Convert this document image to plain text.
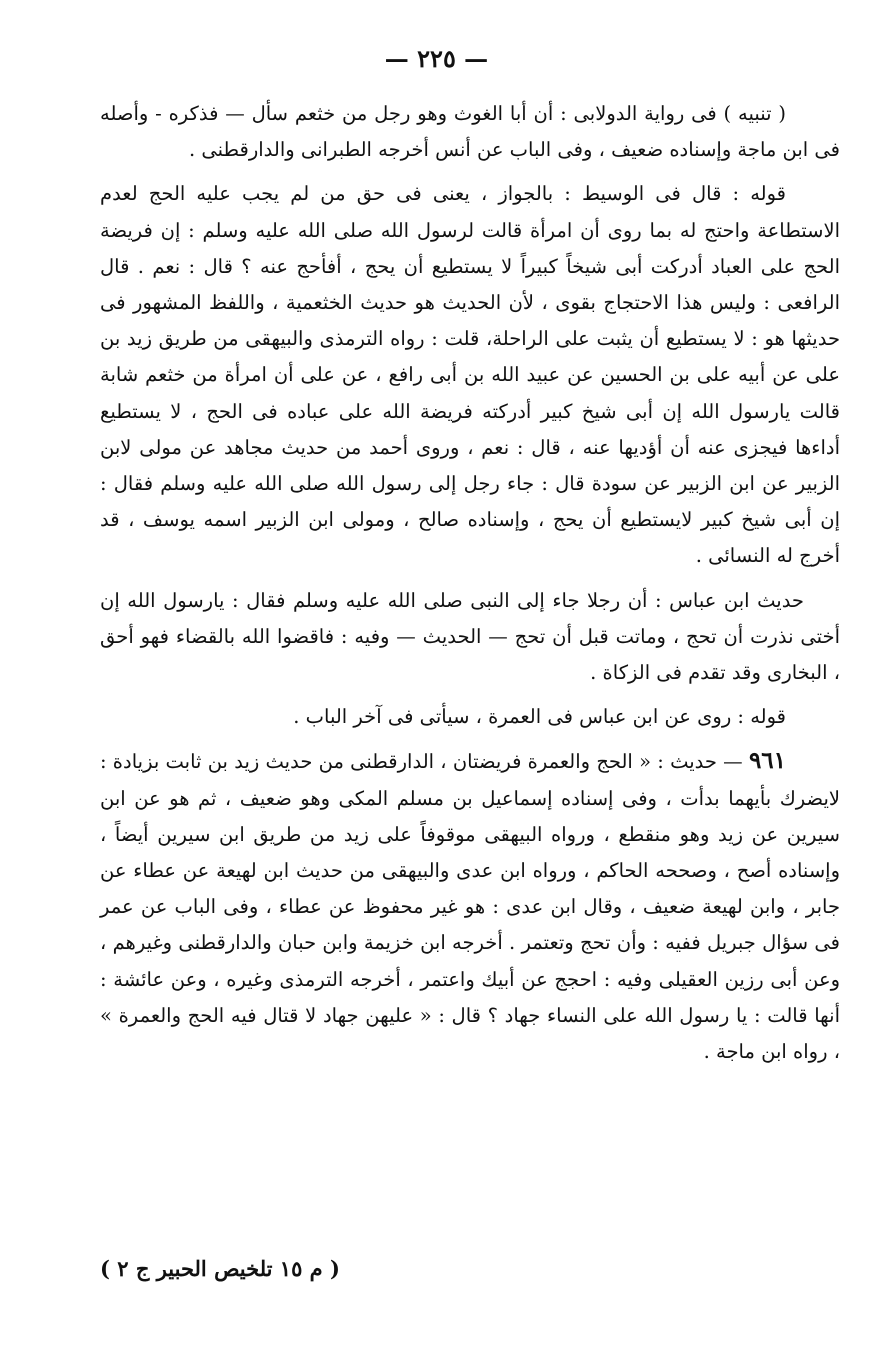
— ٢٢٥ —

( تنبيه ) فى رواية الدولابى : أن أبا الغوث وهو رجل من خثعم سأل — فذكره - وأصله فى ابن ماجة وإسناده ضعيف ، وفى الباب عن أنس أخرجه الطبرانى والدارقطنى .

قوله : قال فى الوسيط : بالجواز ، يعنى فى حق من لم يجب عليه الحج لعدم الاستطاعة واحتج له بما روى أن امرأة قالت لرسول الله صلى الله عليه وسلم : إن فريضة الحج على العباد أدركت أبى شيخاً كبيراً لا يستطيع أن يحج ، أفأحج عنه ؟ قال : نعم . قال الرافعى : وليس هذا الاحتجاج بقوى ، لأن الحديث هو حديث الخثعمية ، واللفظ المشهور فى حديثها هو : لا يستطيع أن يثبت على الراحلة، قلت : رواه الترمذى والبيهقى من طريق زيد بن على عن أبيه على بن الحسين عن عبيد الله بن أبى رافع ، عن على أن امرأة من خثعم شابة قالت يارسول الله إن أبى شيخ كبير أدركته فريضة الله على عباده فى الحج ، لا يستطيع أداءها فيجزى عنه أن أؤديها عنه ، قال : نعم ، وروى أحمد من حديث مجاهد عن مولى لابن الزبير عن ابن الزبير عن سودة قال : جاء رجل إلى رسول الله صلى الله عليه وسلم فقال : إن أبى شيخ كبير لايستطيع أن يحج ، وإسناده صالح ، ومولى ابن الزبير اسمه يوسف ، قد أخرج له النسائى .

حديث ابن عباس : أن رجلا جاء إلى النبى صلى الله عليه وسلم فقال : يارسول الله إن أختى نذرت أن تحج ، وماتت قبل أن تحج — الحديث — وفيه : فاقضوا الله بالقضاء فهو أحق ، البخارى وقد تقدم فى الزكاة .

قوله : روى عن ابن عباس فى العمرة ، سيأتى فى آخر الباب .

٩٦١ — حديث : « الحج والعمرة فريضتان ، الدارقطنى من حديث زيد بن ثابت بزيادة : لايضرك بأيهما بدأت ، وفى إسناده إسماعيل بن مسلم المكى وهو ضعيف ، ثم هو عن ابن سيرين عن زيد وهو منقطع ، ورواه البيهقى موقوفاً على زيد من طريق ابن سيرين أيضاً ، وإسناده أصح ، وصححه الحاكم ، ورواه ابن عدى والبيهقى من حديث ابن لهيعة عن عطاء عن جابر ، وابن لهيعة ضعيف ، وقال ابن عدى : هو غير محفوظ عن عطاء ، وفى الباب عن عمر فى سؤال جبريل ففيه : وأن تحج وتعتمر . أخرجه ابن خزيمة وابن حبان والدارقطنى وغيرهم ، وعن أبى رزين العقيلى وفيه : احجج عن أبيك واعتمر ، أخرجه الترمذى وغيره ، وعن عائشة : أنها قالت : يا رسول الله على النساء جهاد ؟ قال : « عليهن جهاد لا قتال فيه الحج والعمرة » ، رواه ابن ماجة .

( م ١٥ تلخيص الحبير ج ٢ )
